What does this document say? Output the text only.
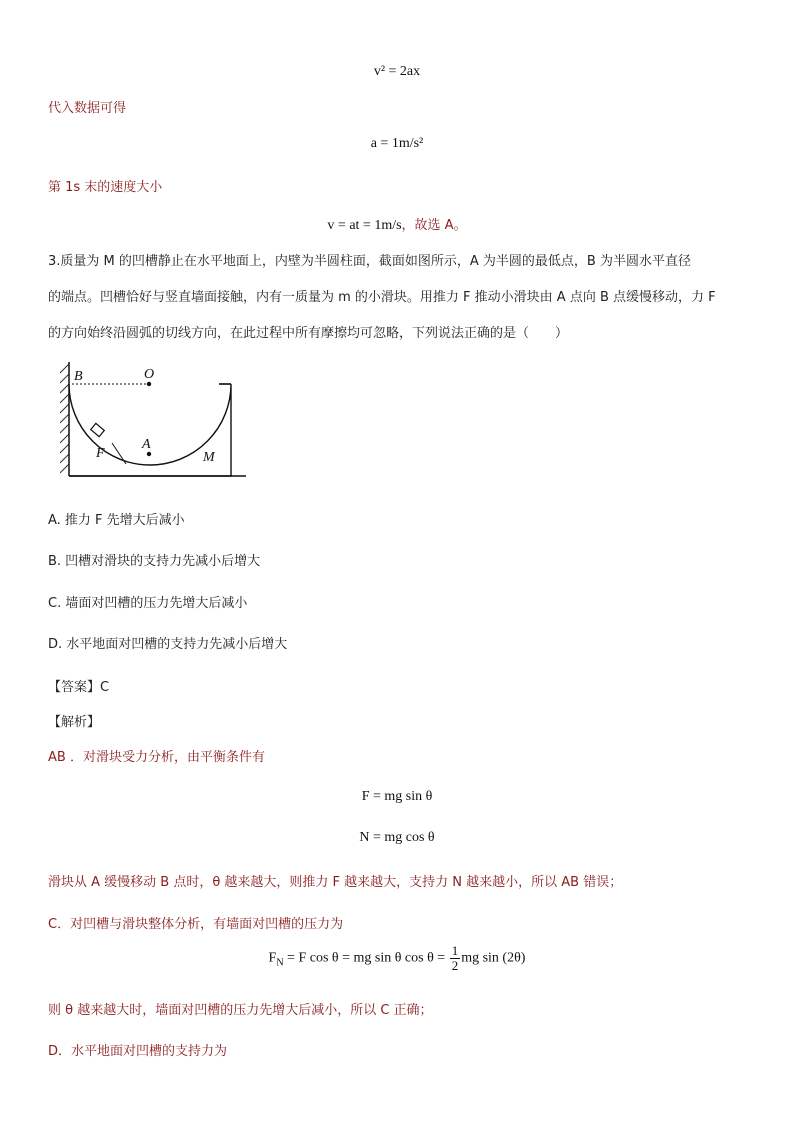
v² = 2ax
代入数据可得
a = 1m/s²
第 1s 末的速度大小
v = at = 1m/s，故选 A。
3.质量为 M 的凹槽静止在水平地面上，内壁为半圆柱面，截面如图所示，A 为半圆的最低点，B 为半圆水平直径
的端点。凹槽恰好与竖直墙面接触，内有一质量为 m 的小滑块。用推力 F 推动小滑块由 A 点向 B 点缓慢移动，力 F
的方向始终沿圆弧的切线方向，在此过程中所有摩擦均可忽略，下列说法正确的是（　　）
B	O
A
F	M
A. 推力 F 先增大后减小
B. 凹槽对滑块的支持力先减小后增大
C. 墙面对凹槽的压力先增大后减小
D. 水平地面对凹槽的支持力先减小后增大
【答案】C
【解析】
AB ．对滑块受力分析，由平衡条件有
F = mg sin θ
N = mg cos θ
滑块从 A 缓慢移动 B 点时，θ 越来越大，则推力 F 越来越大，支持力 N 越来越小，所以 AB 错误；
C．对凹槽与滑块整体分析，有墙面对凹槽的压力为
$F_N = F$ cos θ = mg sin θ $\cos \theta = \frac{1}{2}$ mg sin (2θ)
则 θ 越来越大时，墙面对凹槽的压力先增大后减小，所以 C 正确；
D．水平地面对凹槽的支持力为
